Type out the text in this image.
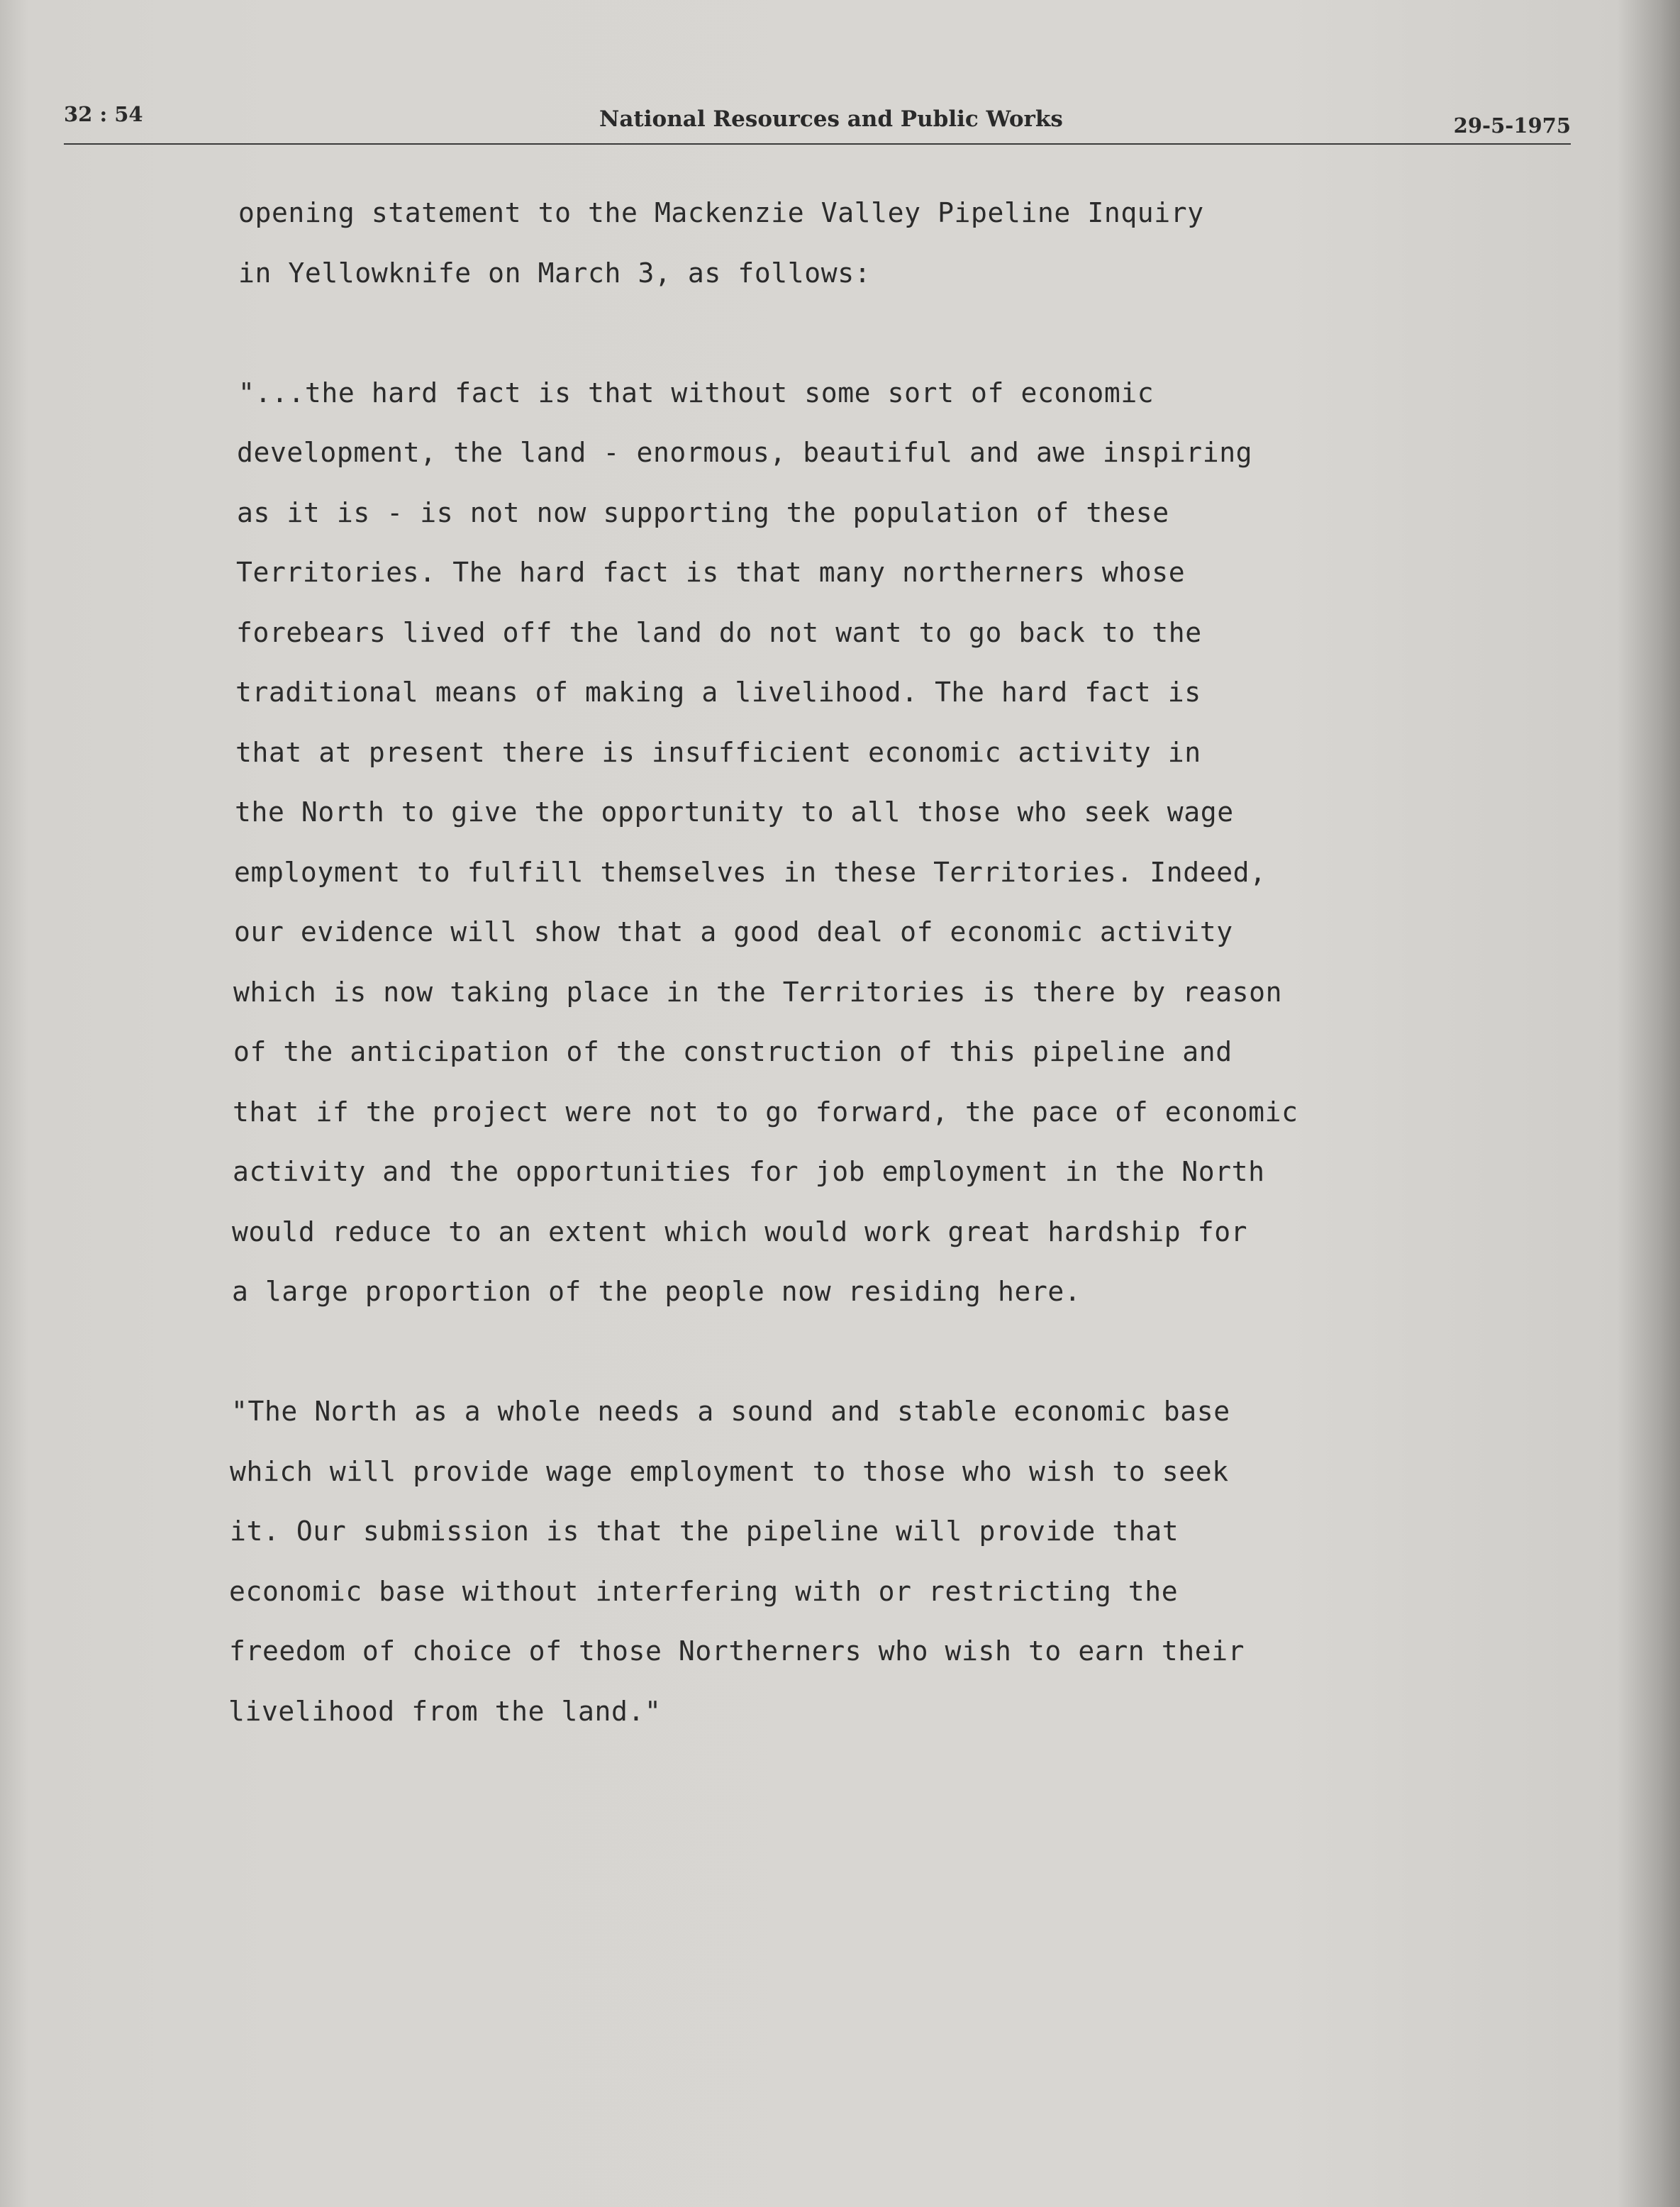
32 : 54	National Resources and Public Works	29-5-1975
opening statement to the Mackenzie Valley Pipeline Inquiry
in Yellowknife on March 3, as follows:
"...the hard fact is that without some sort of economic
development, the land - enormous, beautiful and awe inspiring
as it is - is not now supporting the population of these
Territories. The hard fact is that many northerners whose
forebears lived off the land do not want to go back to the
traditional means of making a livelihood. The hard fact is
that at present there is insufficient economic activity in
the North to give the opportunity to all those who seek wage
employment to fulfill themselves in these Territories. Indeed,
our evidence will show that a good deal of economic activity
which is now taking place in the Territories is there by reason
of the anticipation of the construction of this pipeline and
that if the project were not to go forward, the pace of economic
activity and the opportunities for job employment in the North
would reduce to an extent which would work great hardship for
a large proportion of the people now residing here.
"The North as a whole needs a sound and stable economic base
which will provide wage employment to those who wish to seek
it. Our submission is that the pipeline will provide that
economic base without interfering with or restricting the
freedom of choice of those Northerners who wish to earn their
livelihood from the land."
